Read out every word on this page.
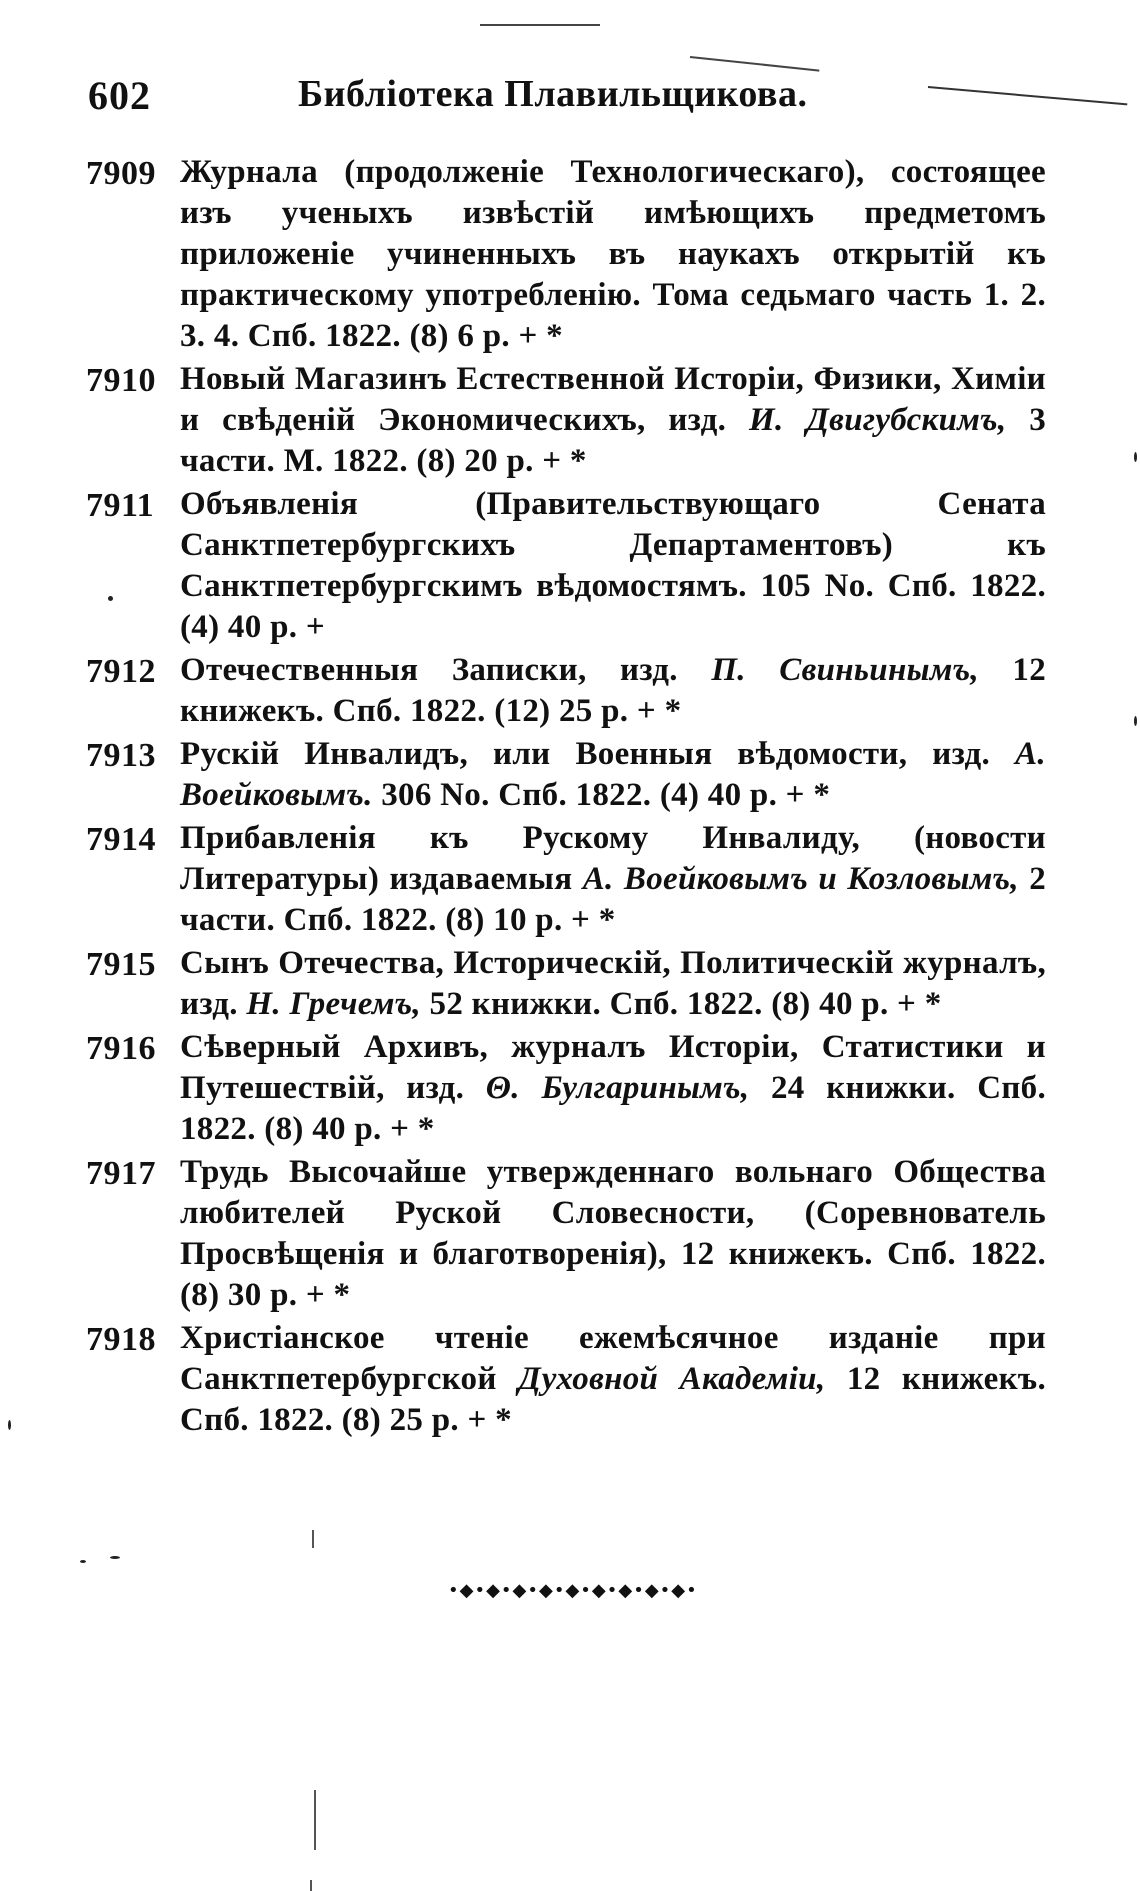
602	Библіотека Плавильщикова.
7909 Журнала (продолженіе Технологическаго), состоящее изъ ученыхъ извѣстій имѣющихъ предметомъ приложеніе учиненныхъ въ наукахъ открытій къ практическому употребленію. Тома седьмаго часть 1. 2. 3. 4. Спб. 1822. (8) 6 р. + *
7910 Новый Магазинъ Естественной Исторіи, Физики, Химіи и свѣденій Экономическихъ, изд. И. Двигубскимъ, 3 части. М. 1822. (8) 20 р. + *
7911 Объявленія (Правительствующаго Сената Санктпетербургскихъ Департаментовъ) къ Санктпетербургскимъ вѣдомостямъ. 105 No. Спб. 1822. (4) 40 р. +
7912 Отечественныя Записки, изд. П. Свиньинымъ, 12 книжекъ. Спб. 1822. (12) 25 р. + *
7913 Рускій Инвалидъ, или Военныя вѣдомости, изд. А. Воейковымъ. 306 No. Спб. 1822. (4) 40 р. + *
7914 Прибавленія къ Рускому Инвалиду, (новости Литературы) издаваемыя А. Воейковымъ и Козловымъ, 2 части. Спб. 1822. (8) 10 р. + *
7915 Сынъ Отечества, Историческій, Политическій журналъ, изд. Н. Гречемъ, 52 книжки. Спб. 1822. (8) 40 р. + *
7916 Сѣверный Архивъ, журналъ Исторіи, Статистики и Путешествій, изд. Θ. Булгаринымъ, 24 книжки. Спб. 1822. (8) 40 р. + *
7917 Трудь Высочайше утвержденнаго вольнаго Общества любителей Руской Словесности, (Соревнователь Просвѣщенія и благотворенія), 12 книжекъ. Спб. 1822. (8) 30 р. + *
7918 Христіанское чтеніе ежемѣсячное изданіе при Санктпетербургской Духовной Академіи, 12 книжекъ. Спб. 1822. (8) 25 р. + *
•◆•◆•◆•◆•◆•◆•◆•◆•◆•
